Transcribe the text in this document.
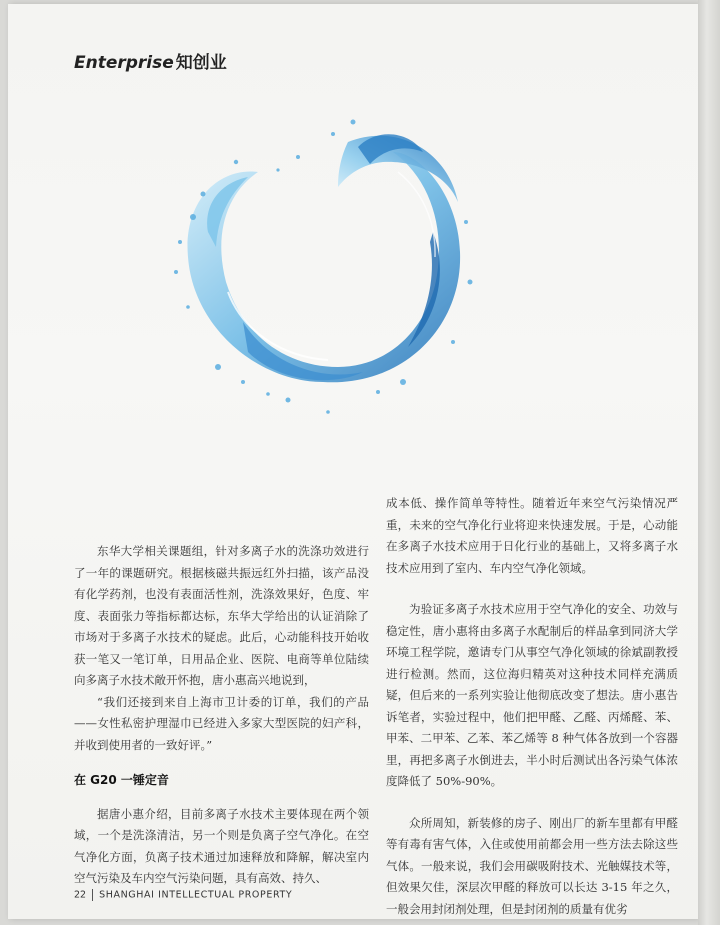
Enterprise 知创业

东华大学相关课题组，针对多离子水的洗涤功效进行了一年的课题研究。根据核磁共振远红外扫描，该产品没有化学药剂，也没有表面活性剂，洗涤效果好，色度、牢度、表面张力等指标都达标，东华大学给出的认证消除了市场对于多离子水技术的疑虑。此后，心动能科技开始收获一笔又一笔订单，日用品企业、医院、电商等单位陆续向多离子水技术敞开怀抱，唐小惠高兴地说到，

“我们还接到来自上海市卫计委的订单，我们的产品——女性私密护理湿巾已经进入多家大型医院的妇产科，并收到使用者的一致好评。”

在 G20 一锤定音

据唐小惠介绍，目前多离子水技术主要体现在两个领域，一个是洗涤清洁，另一个则是负离子空气净化。在空气净化方面，负离子技术通过加速释放和降解，解决室内空气污染及车内空气污染问题，具有高效、持久、

成本低、操作简单等特性。随着近年来空气污染情况严重，未来的空气净化行业将迎来快速发展。于是，心动能在多离子水技术应用于日化行业的基础上，又将多离子水技术应用到了室内、车内空气净化领域。

为验证多离子水技术应用于空气净化的安全、功效与稳定性，唐小惠将由多离子水配制后的样品拿到同济大学环境工程学院，邀请专门从事空气净化领域的徐斌副教授进行检测。然而，这位海归精英对这种技术同样充满质疑，但后来的一系列实验让他彻底改变了想法。唐小惠告诉笔者，实验过程中，他们把甲醛、乙醛、丙烯醛、苯、甲苯、二甲苯、乙苯、苯乙烯等 8 种气体各放到一个容器里，再把多离子水倒进去，半小时后测试出各污染气体浓度降低了 50%-90%。

众所周知，新装修的房子、刚出厂的新车里都有甲醛等有毒有害气体，入住或使用前都会用一些方法去除这些气体。一般来说，我们会用碳吸附技术、光触媒技术等，但效果欠佳，深层次甲醛的释放可以长达 3-15 年之久，一般会用封闭剂处理，但是封闭剂的质量有优劣

22 SHANGHAI INTELLECTUAL PROPERTY
